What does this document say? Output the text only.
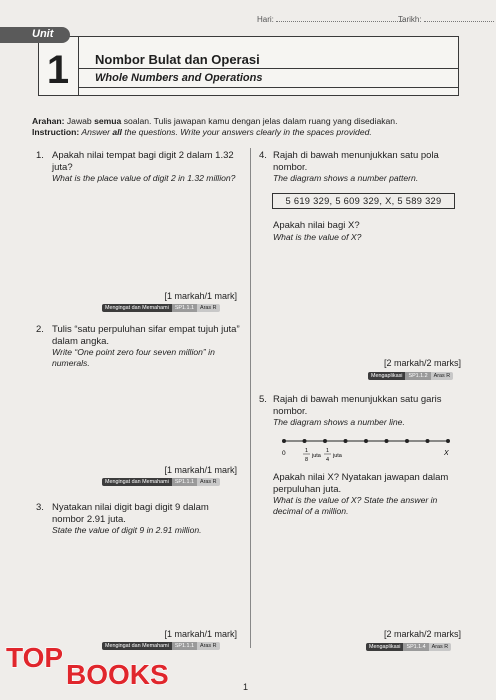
Hari:	Tarikh:
Unit
1	Nombor Bulat dan Operasi
Whole Numbers and Operations
Arahan: Jawab semua soalan. Tulis jawapan kamu dengan jelas dalam ruang yang disediakan.
Instruction: Answer all the questions. Write your answers clearly in the spaces provided.
1. Apakah nilai tempat bagi digit 2 dalam 1.32 juta?
What is the place value of digit 2 in 1.32 million?
[1 markah/1 mark]
Mengingat dan Memahami	SP1.1.1	Aras R
2. Tulis “satu perpuluhan sifar empat tujuh juta” dalam angka.
Write “One point zero four seven million” in numerals.
[1 markah/1 mark]
Mengingat dan Memahami	SP1.1.1	Aras R
3. Nyatakan nilai digit bagi digit 9 dalam nombor 2.91 juta.
State the value of digit 9 in 2.91 million.
[1 markah/1 mark]
Mengingat dan Memahami	SP1.1.1	Aras R
4. Rajah di bawah menunjukkan satu pola nombor.
The diagram shows a number pattern.
5 619 329, 5 609 329, X, 5 589 329
Apakah nilai bagi X?
What is the value of X?
[2 markah/2 marks]
Mengaplikasi	SP1.1.2	Aras R
5. Rajah di bawah menunjukkan satu garis nombor.
The diagram shows a number line.
0	1
8
juta
1
4
juta	X
Apakah nilai X? Nyatakan jawapan dalam perpuluhan juta.
What is the value of X? State the answer in decimal of a million.
[2 markah/2 marks]
Mengaplikasi	SP1.1.4	Aras R
1
TOP
BOOKS
